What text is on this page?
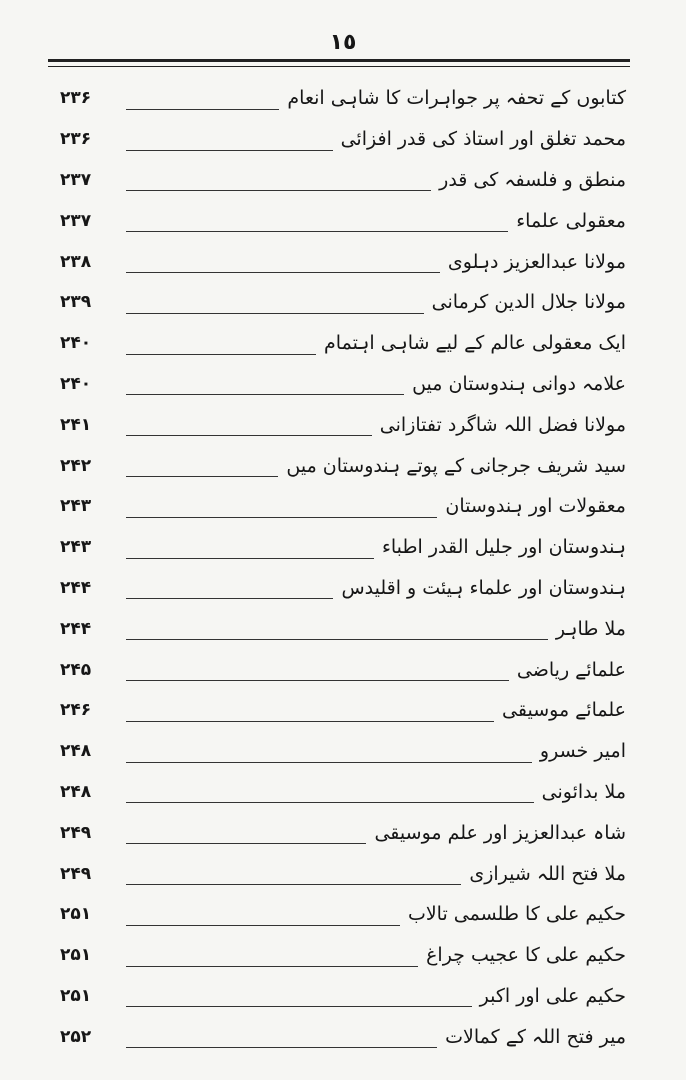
١٥
کتابوں کے تحفہ پر جواہرات کا شاہی انعام
۲۳۶
محمد تغلق اور استاذ کی قدر افزائی
۲۳۶
منطق و فلسفہ کی قدر
۲۳۷
معقولی علماء
۲۳۷
مولانا عبدالعزیز دہلوی
۲۳۸
مولانا جلال الدین کرمانی
۲۳۹
ایک معقولی عالم کے لیے شاہی اہتمام
۲۴۰
علامہ دوانی ہندوستان میں
۲۴۰
مولانا فضل اللہ شاگرد تفتازانی
۲۴۱
سید شریف جرجانی کے پوتے ہندوستان میں
۲۴۲
معقولات اور ہندوستان
۲۴۳
ہندوستان اور جلیل القدر اطباء
۲۴۳
ہندوستان اور علماء ہیئت و اقلیدس
۲۴۴
ملا طاہر
۲۴۴
علمائے ریاضی
۲۴۵
علمائے موسیقی
۲۴۶
امیر خسرو
۲۴۸
ملا بدائونی
۲۴۸
شاہ عبدالعزیز اور علم موسیقی
۲۴۹
ملا فتح اللہ شیرازی
۲۴۹
حکیم علی کا طلسمی تالاب
۲۵۱
حکیم علی کا عجیب چراغ
۲۵۱
حکیم علی اور اکبر
۲۵۱
میر فتح اللہ کے کمالات
۲۵۲
